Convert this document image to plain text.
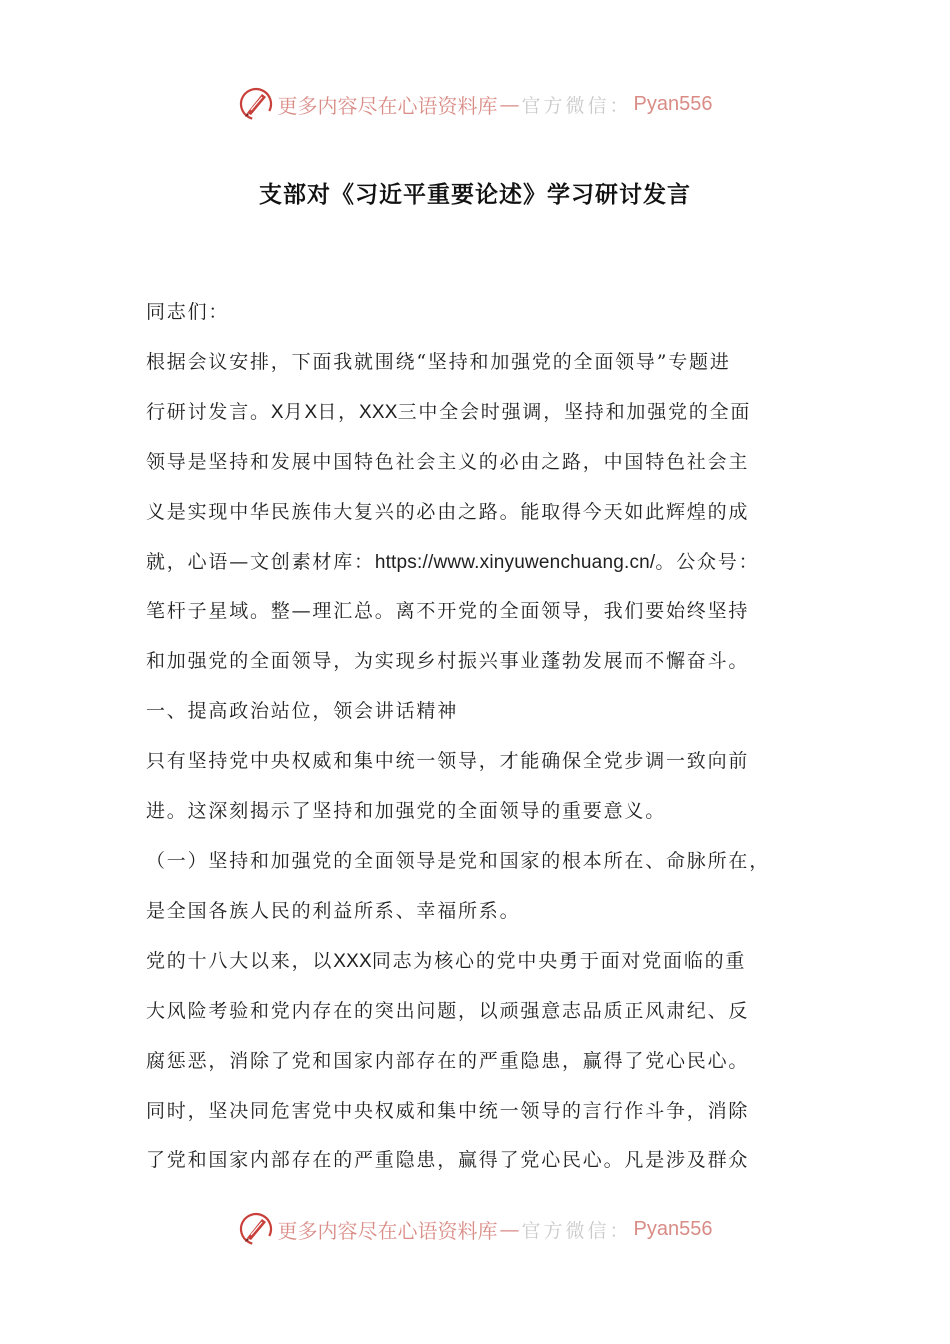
更多内容尽在心语资料库 — 官方微信： Pyan556
支部对《习近平重要论述》学习研讨发言

同志们：

根据会议安排，下面我就围绕“坚持和加强党的全面领导”专题进

行研讨发言。X月X日，XXX三中全会时强调，坚持和加强党的全面

领导是坚持和发展中国特色社会主义的必由之路，中国特色社会主

义是实现中华民族伟大复兴的必由之路。能取得今天如此辉煌的成

就，心语—文创素材库：https://www.xinyuwenchuang.cn/。公众号：

笔杆子星域。整—理汇总。离不开党的全面领导，我们要始终坚持

和加强党的全面领导，为实现乡村振兴事业蓬勃发展而不懈奋斗。

一、提高政治站位，领会讲话精神

只有坚持党中央权威和集中统一领导，才能确保全党步调一致向前

进。这深刻揭示了坚持和加强党的全面领导的重要意义。

（一）坚持和加强党的全面领导是党和国家的根本所在、命脉所在，

是全国各族人民的利益所系、幸福所系。

党的十八大以来，以XXX同志为核心的党中央勇于面对党面临的重

大风险考验和党内存在的突出问题，以顽强意志品质正风肃纪、反

腐惩恶，消除了党和国家内部存在的严重隐患，赢得了党心民心。

同时，坚决同危害党中央权威和集中统一领导的言行作斗争，消除

了党和国家内部存在的严重隐患，赢得了党心民心。凡是涉及群众

更多内容尽在心语资料库 — 官方微信： Pyan556
